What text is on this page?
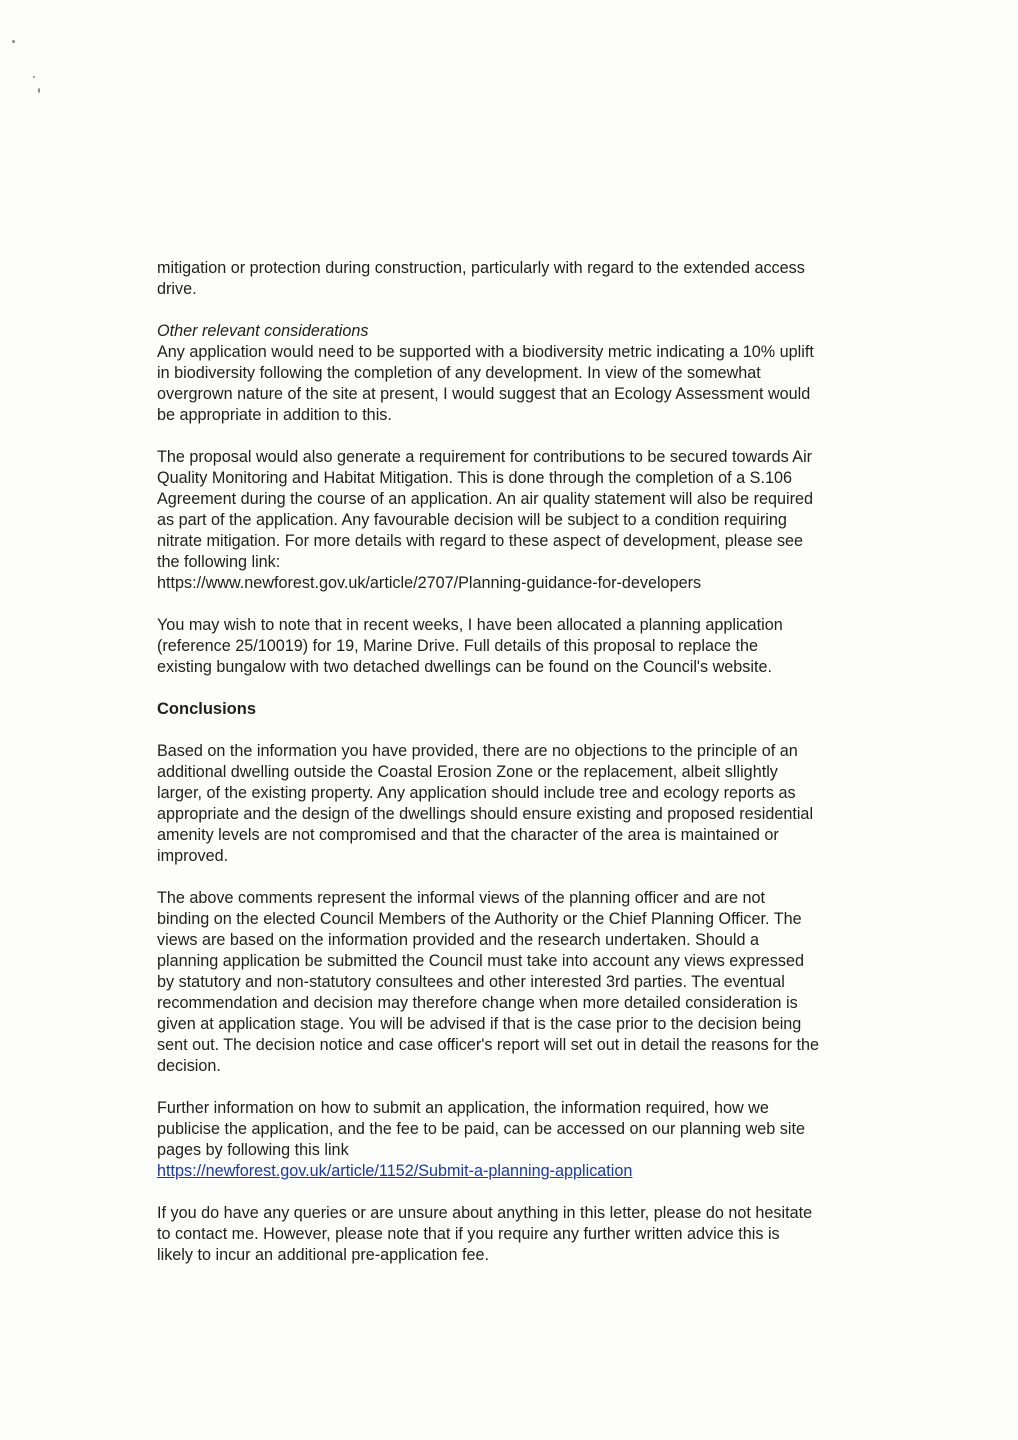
mitigation or protection during construction, particularly with regard to the extended access
drive.
Other relevant considerations
Any application would need to be supported with a biodiversity metric indicating a 10% uplift
in biodiversity following the completion of any development. In view of the somewhat
overgrown nature of the site at present, I would suggest that an Ecology Assessment would
be appropriate in addition to this.
The proposal would also generate a requirement for contributions to be secured towards Air
Quality Monitoring and Habitat Mitigation. This is done through the completion of a S.106
Agreement during the course of an application. An air quality statement will also be required
as part of the application. Any favourable decision will be subject to a condition requiring
nitrate mitigation. For more details with regard to these aspect of development, please see
the following link:
https://www.newforest.gov.uk/article/2707/Planning-guidance-for-developers
You may wish to note that in recent weeks, I have been allocated a planning application
(reference 25/10019) for 19, Marine Drive. Full details of this proposal to replace the
existing bungalow with two detached dwellings can be found on the Council's website.
Conclusions
Based on the information you have provided, there are no objections to the principle of an
additional dwelling outside the Coastal Erosion Zone or the replacement, albeit sllightly
larger, of the existing property. Any application should include tree and ecology reports as
appropriate and the design of the dwellings should ensure existing and proposed residential
amenity levels are not compromised and that the character of the area is maintained or
improved.
The above comments represent the informal views of the planning officer and are not
binding on the elected Council Members of the Authority or the Chief Planning Officer. The
views are based on the information provided and the research undertaken. Should a
planning application be submitted the Council must take into account any views expressed
by statutory and non-statutory consultees and other interested 3rd parties. The eventual
recommendation and decision may therefore change when more detailed consideration is
given at application stage. You will be advised if that is the case prior to the decision being
sent out. The decision notice and case officer's report will set out in detail the reasons for the
decision.
Further information on how to submit an application, the information required, how we
publicise the application, and the fee to be paid, can be accessed on our planning web site
pages by following this link
https://newforest.gov.uk/article/1152/Submit-a-planning-application
If you do have any queries or are unsure about anything in this letter, please do not hesitate
to contact me. However, please note that if you require any further written advice this is
likely to incur an additional pre-application fee.
